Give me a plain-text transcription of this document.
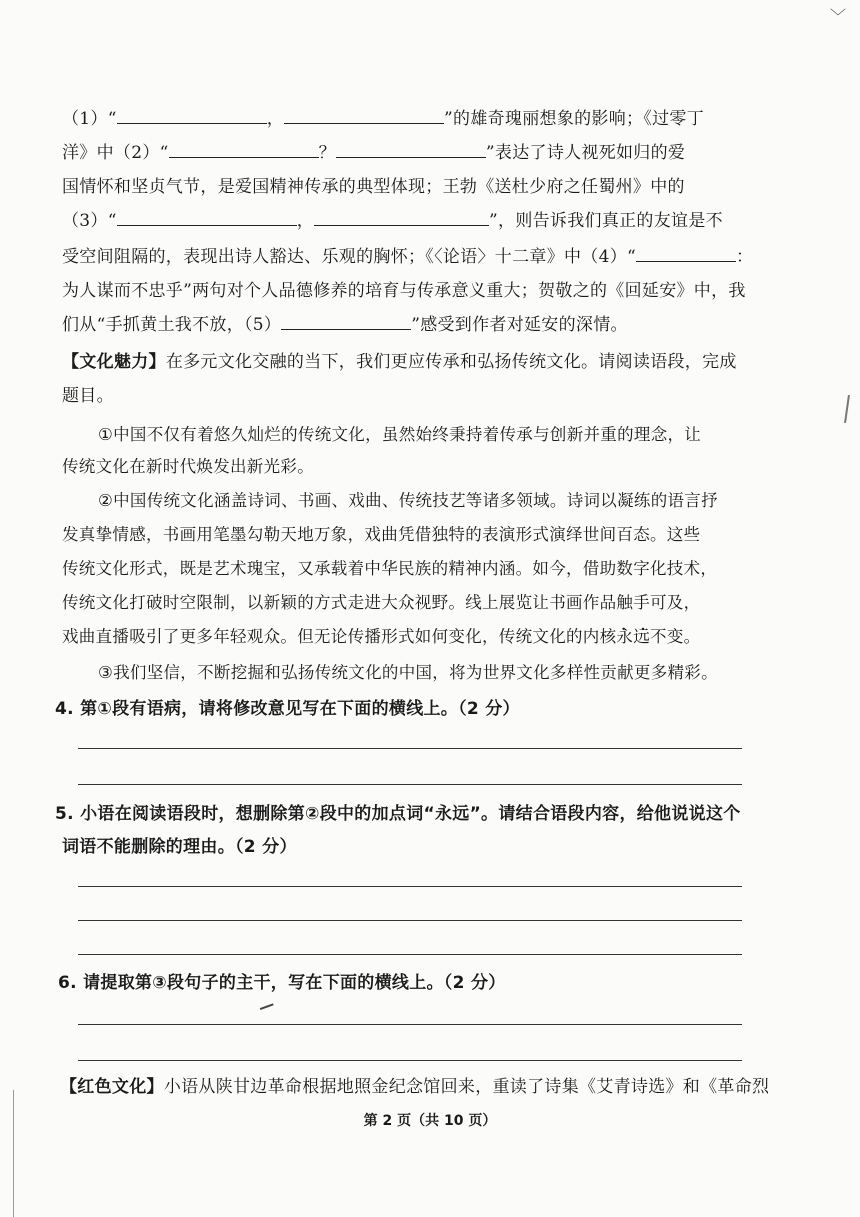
﹀
（1）“	，	”的雄奇瑰丽想象的影响；《过零丁
洋》中（2）“	？	”表达了诗人视死如归的爱
国情怀和坚贞气节，是爱国精神传承的典型体现；王勃《送杜少府之任蜀州》中的
（3）“	，	”，则告诉我们真正的友谊是不
受空间阻隔的，表现出诗人豁达、乐观的胸怀；《〈论语〉十二章》中（4）“	：
为人谋而不忠乎”两句对个人品德修养的培育与传承意义重大；贺敬之的《回延安》中，我
们从“手抓黄土我不放，（5）	”感受到作者对延安的深情。
【文化魅力】在多元文化交融的当下，我们更应传承和弘扬传统文化。请阅读语段，完成
题目。
①中国不仅有着悠久灿烂的传统文化，虽然始终秉持着传承与创新并重的理念，让
传统文化在新时代焕发出新光彩。
②中国传统文化涵盖诗词、书画、戏曲、传统技艺等诸多领域。诗词以凝练的语言抒
发真挚情感，书画用笔墨勾勒天地万象，戏曲凭借独特的表演形式演绎世间百态。这些
传统文化形式，既是艺术瑰宝，又承载着中华民族的精神内涵。如今，借助数字化技术，
传统文化打破时空限制，以新颖的方式走进大众视野。线上展览让书画作品触手可及，
戏曲直播吸引了更多年轻观众。但无论传播形式如何变化，传统文化的内核永远 • •不变。
③我们坚信，不断挖掘和弘扬传统文化的中国，将为世界文化多样性贡献更多精彩。
4. 第①段有语病，请将修改意见写在下面的横线上。（2 分）
5. 小语在阅读语段时，想删除第②段中的加点词“永远”。请结合语段内容，给他说说这个
词语不能删除的理由。（2 分）
6. 请提取第③段句子的主干，写在下面的横线上。（2 分）
【红色文化】小语从陕甘边革命根据地照金纪念馆回来，重读了诗集《艾青诗选》和《革命烈
第 2 页（共 10 页）
